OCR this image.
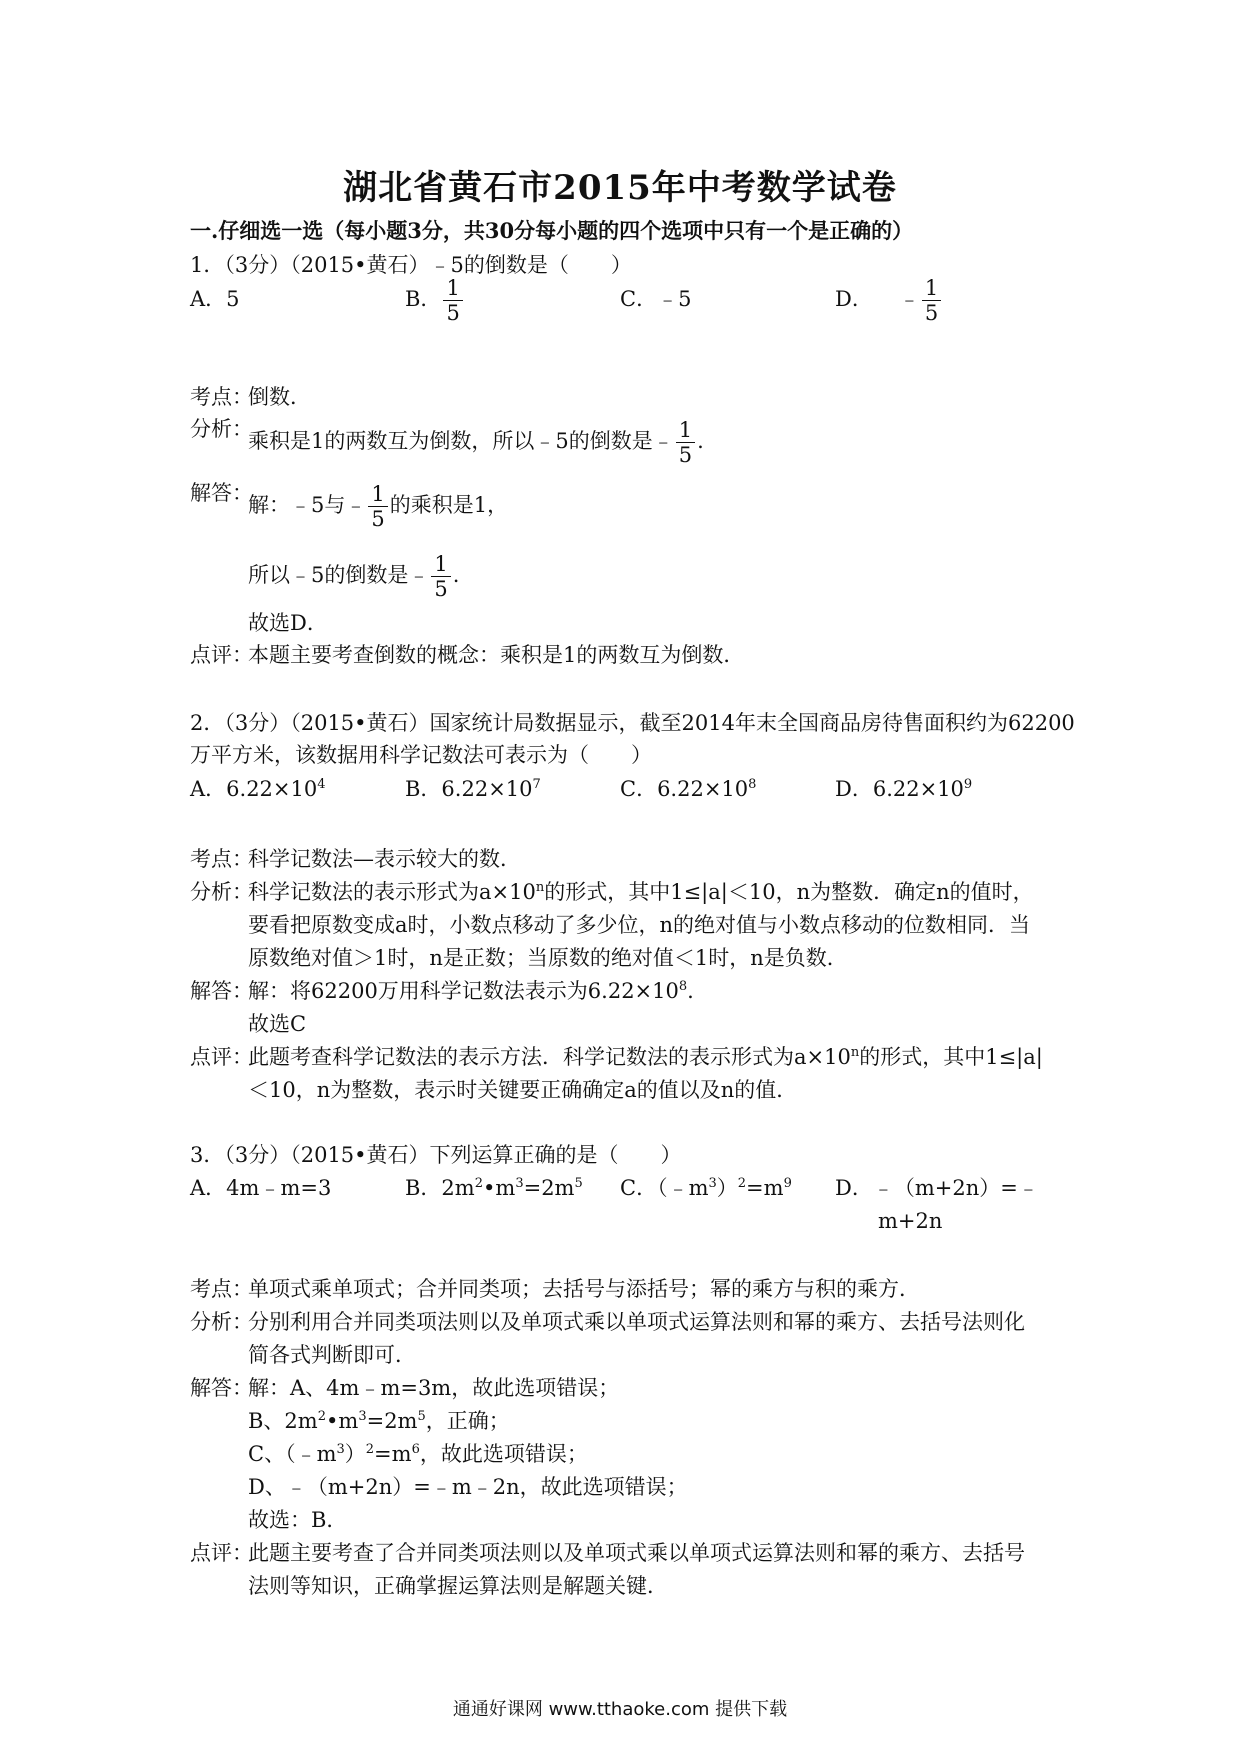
湖北省黄石市2015年中考数学试卷
一.仔细选一选（每小题3分，共30分每小题的四个选项中只有一个是正确的）
1．（3分）（2015•黄石）﹣5的倒数是（　　）
A．5	B． $\frac{1}{5}$	C．﹣5	D． ﹣ $\frac{1}{5}$
考点：
倒数．
分析：
乘积是1的两数互为倒数，所以﹣5的倒数是﹣ $\frac{1}{5}$ .
解答：
解：﹣5与﹣ $\frac{1}{5}$ 的乘积是1，
所以﹣5的倒数是﹣ $\frac{1}{5}$ .
故选D．
点评：
本题主要考查倒数的概念：乘积是1的两数互为倒数．
2．（3分）（2015•黄石）国家统计局数据显示，截至2014年末全国商品房待售面积约为62200
万平方米，该数据用科学记数法可表示为（　　）
A．$6.22\times 10^4$	B．$6.22\times 10^7$	C．$6.22\times 10^8$	D．$6.22\times 10^9$
考点：
科学记数法—表示较大的数．
分析：
科学记数法的表示形式为$a\times 10^n$的形式，其中1≤|a|＜10，n为整数．确定n的值时，
要看把原数变成a时，小数点移动了多少位，n的绝对值与小数点移动的位数相同．当
原数绝对值＞1时，n是正数；当原数的绝对值＜1时，n是负数．
解答：
解：将62200万用科学记数法表示为$6.22\times 10^8$.
故选C
点评：
此题考查科学记数法的表示方法．科学记数法的表示形式为$a\times 10^n$的形式，其中1≤|a|
＜10，n为整数，表示时关键要正确确定a的值以及n的值．
3．（3分）（2015•黄石）下列运算正确的是（　　）
A．4m﹣m=3	B．$2m^2•m^3=2m^5$ C．$(﹣m^3)^2=m^9$ D．﹣（m+2n）=﹣
m+2n
考点：
单项式乘单项式；合并同类项；去括号与添括号；幂的乘方与积的乘方．
分析：
分别利用合并同类项法则以及单项式乘以单项式运算法则和幂的乘方、去括号法则化
简各式判断即可．
解答：
解：A、4m﹣m=3m，故此选项错误；
B、$2m^2•m^3=2m^5$，正确；
C、$(﹣m^3)^2=m^6$，故此选项错误；
D、﹣（m+2n）=﹣m﹣2n，故此选项错误；
故选：B．
点评：
此题主要考查了合并同类项法则以及单项式乘以单项式运算法则和幂的乘方、去括号
法则等知识，正确掌握运算法则是解题关键．
通通好课网 www.tthaoke.com 提供下载
